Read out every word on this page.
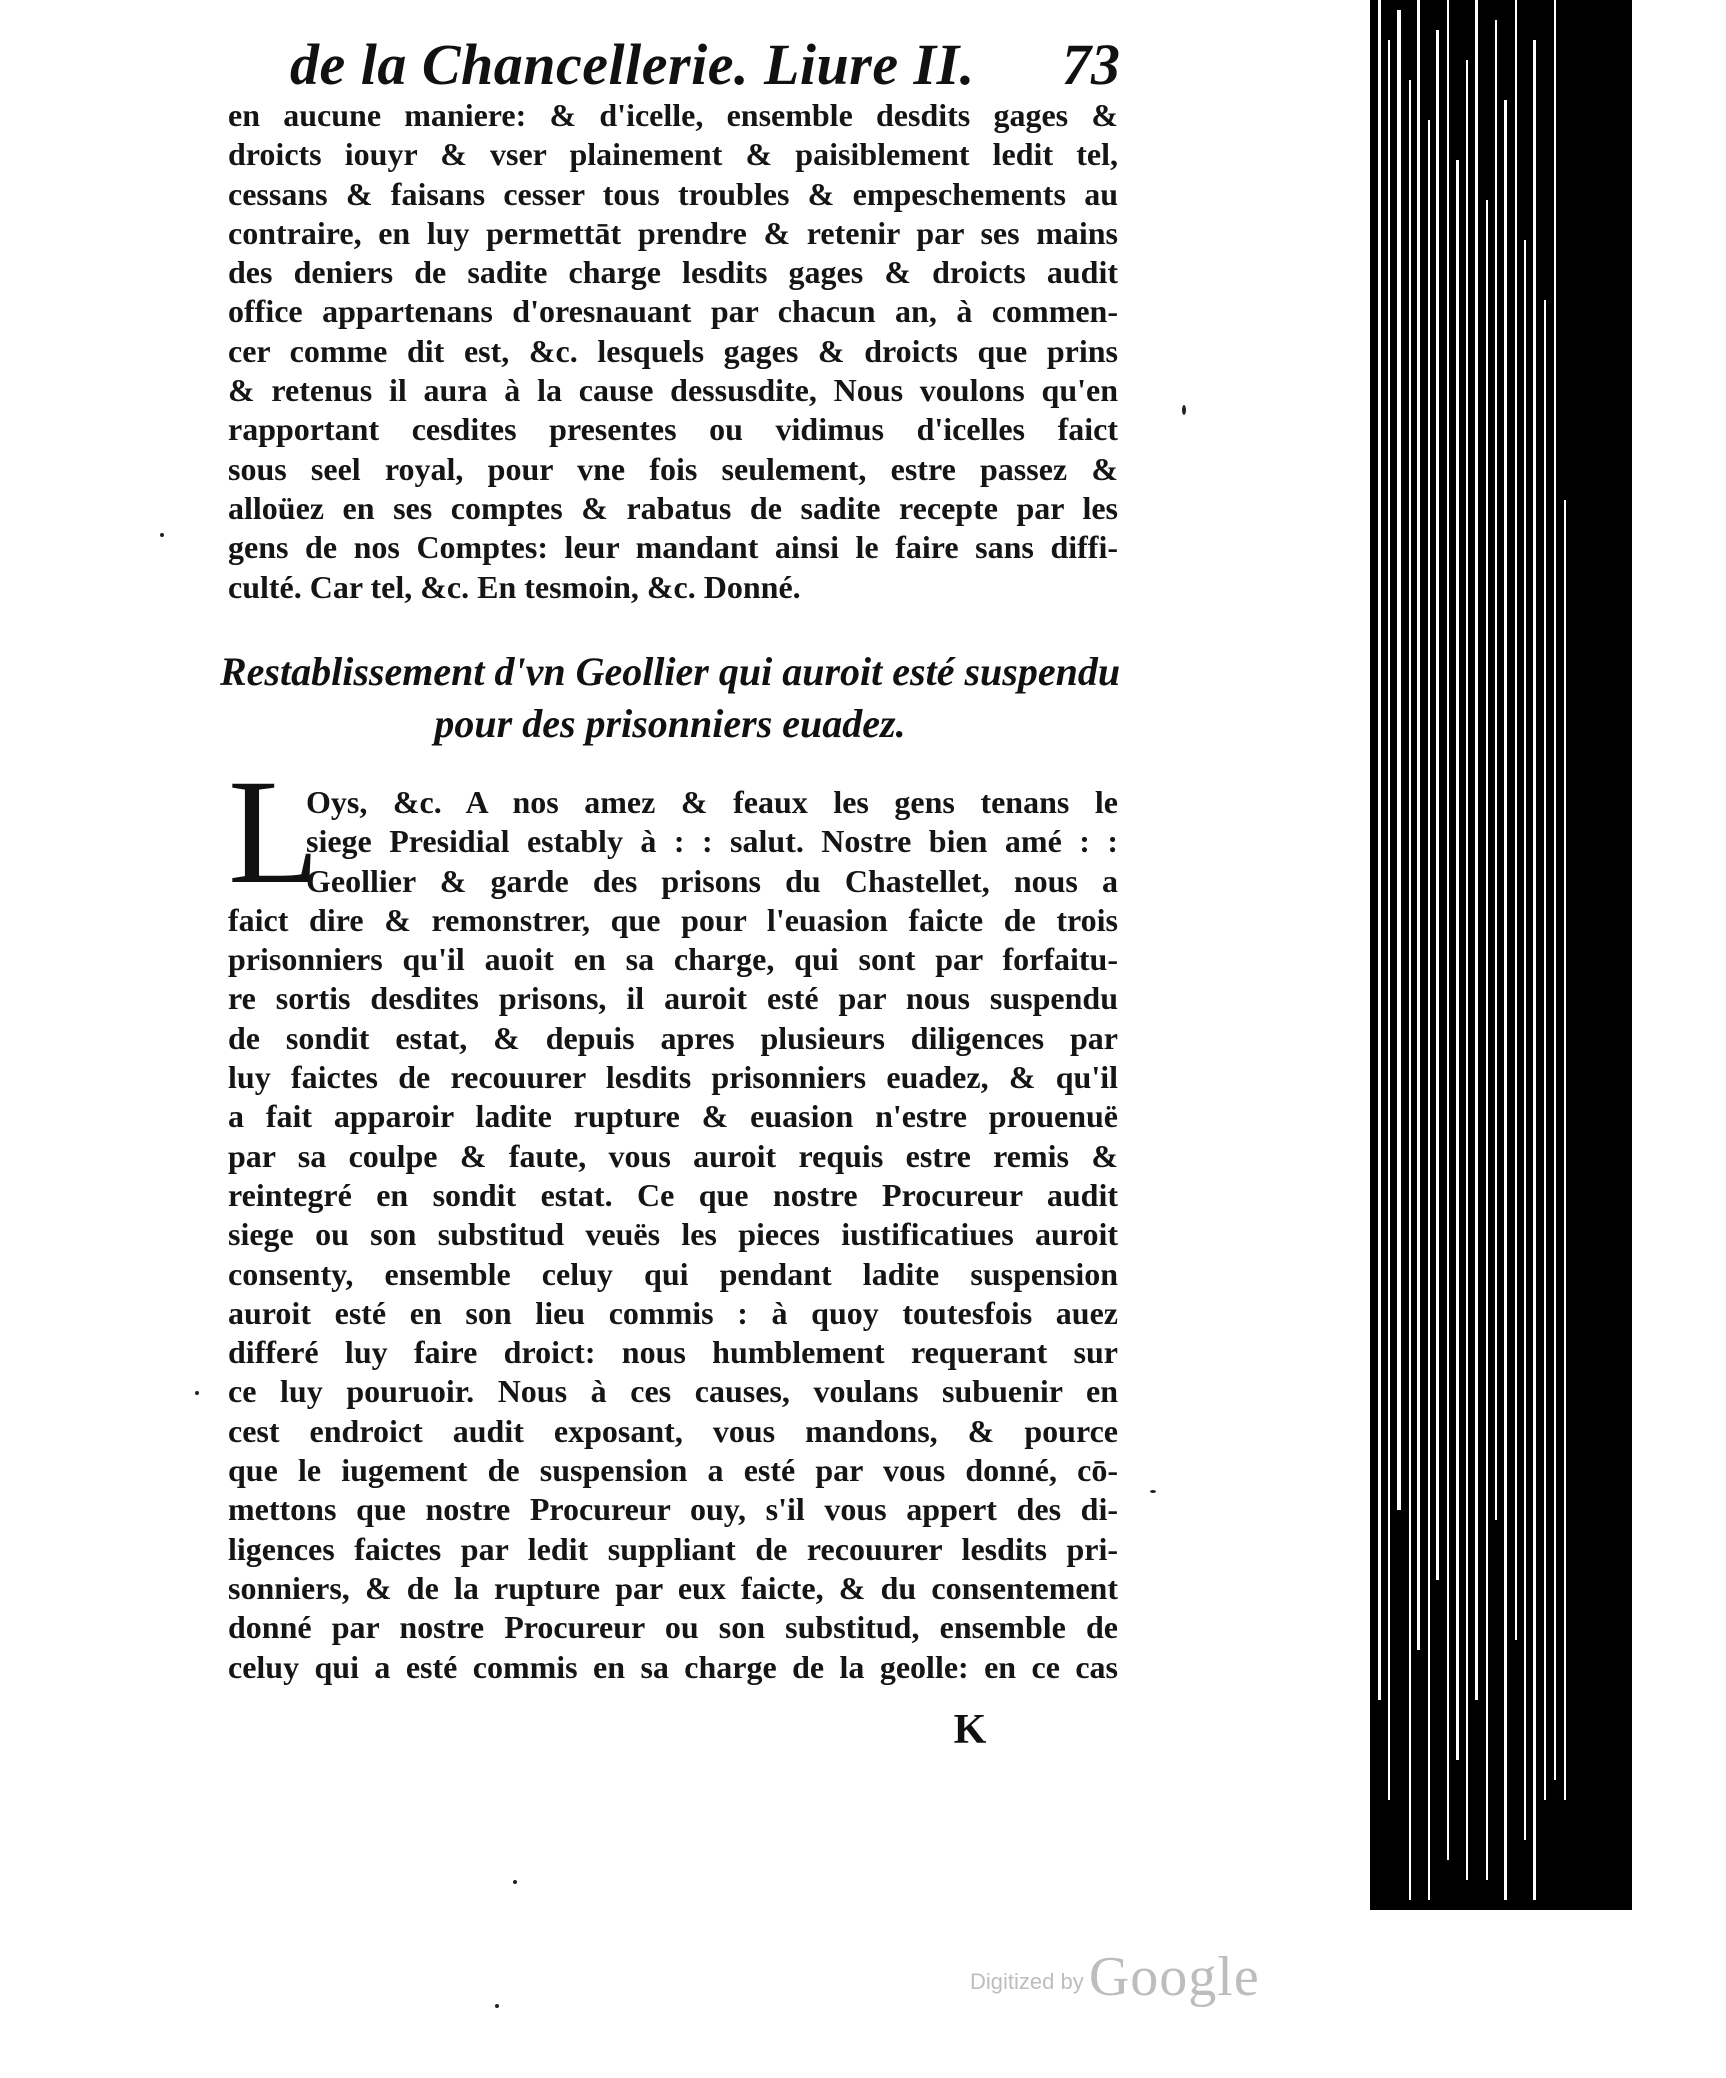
de la Chancellerie. Liure II.	73
en aucune maniere: & d'icelle, ensemble desdits gages &
droicts iouyr & vser plainement & paisiblement ledit tel,
cessans & faisans cesser tous troubles & empeschements au
contraire, en luy permettāt prendre & retenir par ses mains
des deniers de sadite charge lesdits gages & droicts audit
office appartenans d'oresnauant par chacun an, à commen-
cer comme dit est, &c. lesquels gages & droicts que prins
& retenus il aura à la cause dessusdite, Nous voulons qu'en
rapportant cesdites presentes ou vidimus d'icelles faict
sous seel royal, pour vne fois seulement, estre passez &
alloüez en ses comptes & rabatus de sadite recepte par les
gens de nos Comptes: leur mandant ainsi le faire sans diffi-
culté. Car tel, &c. En tesmoin, &c. Donné.
Restablissement d'vn Geollier qui auroit esté suspendu
pour des prisonniers euadez.
L
Oys, &c. A nos amez & feaux les gens tenans le
siege Presidial estably à : : salut. Nostre bien amé : :
Geollier & garde des prisons du Chastellet, nous a
faict dire & remonstrer, que pour l'euasion faicte de trois
prisonniers qu'il auoit en sa charge, qui sont par forfaitu-
re sortis desdites prisons, il auroit esté par nous suspendu
de sondit estat, & depuis apres plusieurs diligences par
luy faictes de recouurer lesdits prisonniers euadez, & qu'il
a fait apparoir ladite rupture & euasion n'estre prouenuë
par sa coulpe & faute, vous auroit requis estre remis &
reintegré en sondit estat. Ce que nostre Procureur audit
siege ou son substitud veuës les pieces iustificatiues auroit
consenty, ensemble celuy qui pendant ladite suspension
auroit esté en son lieu commis : à quoy toutesfois auez
differé luy faire droict: nous humblement requerant sur
ce luy pouruoir. Nous à ces causes, voulans subuenir en
cest endroict audit exposant, vous mandons, & pource
que le iugement de suspension a esté par vous donné, cō-
mettons que nostre Procureur ouy, s'il vous appert des di-
ligences faictes par ledit suppliant de recouurer lesdits pri-
sonniers, & de la rupture par eux faicte, & du consentement
donné par nostre Procureur ou son substitud, ensemble de
celuy qui a esté commis en sa charge de la geolle: en ce cas
K
Digitized by Google
